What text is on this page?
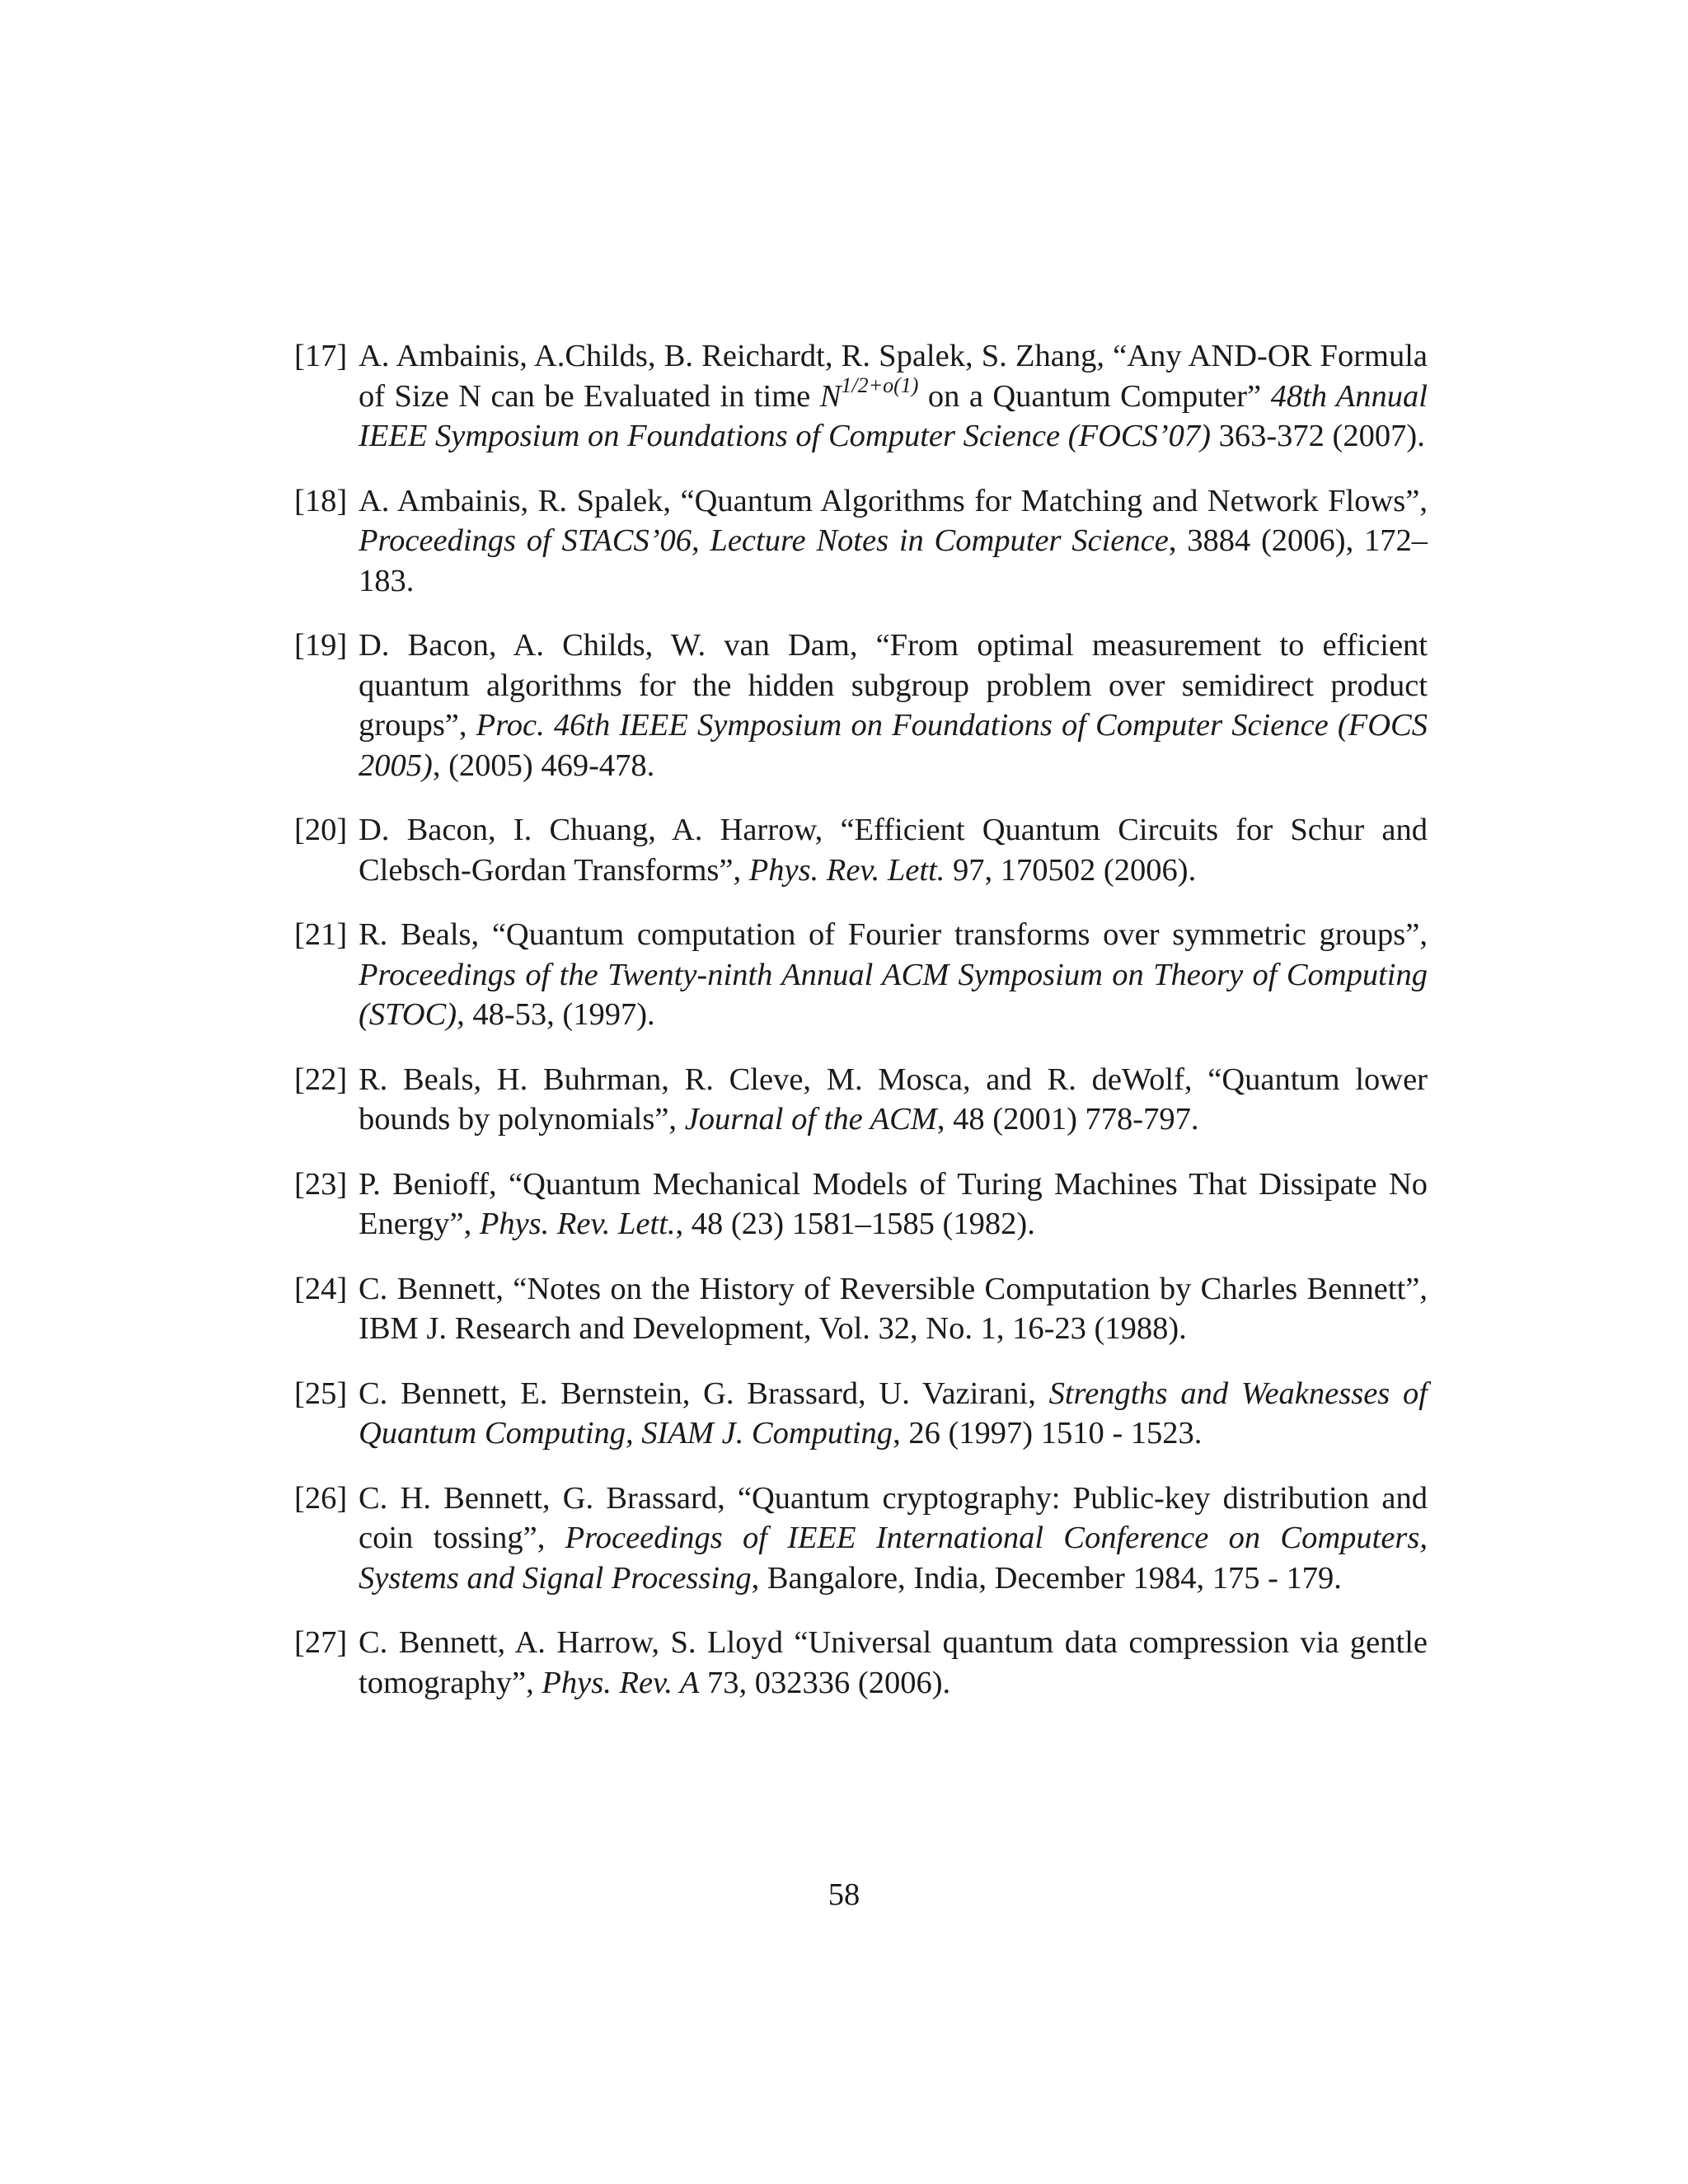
[17] A. Ambainis, A.Childs, B. Reichardt, R. Spalek, S. Zhang, “Any AND-OR Formula of Size N can be Evaluated in time $N^{1/2+o(1)}$ on a Quantum Computer” 48th Annual IEEE Symposium on Foundations of Computer Science (FOCS’07) 363-372 (2007).
[18] A. Ambainis, R. Spalek, “Quantum Algorithms for Matching and Network Flows”, Proceedings of STACS’06, Lecture Notes in Computer Science, 3884 (2006), 172–183.
[19] D. Bacon, A. Childs, W. van Dam, “From optimal measurement to efficient quantum algorithms for the hidden subgroup problem over semidirect product groups”, Proc. 46th IEEE Symposium on Foundations of Computer Science (FOCS 2005), (2005) 469-478.
[20] D. Bacon, I. Chuang, A. Harrow, “Efficient Quantum Circuits for Schur and Clebsch-Gordan Transforms”, Phys. Rev. Lett. 97, 170502 (2006).
[21] R. Beals, “Quantum computation of Fourier transforms over symmetric groups”, Proceedings of the Twenty-ninth Annual ACM Symposium on Theory of Computing (STOC), 48-53, (1997).
[22] R. Beals, H. Buhrman, R. Cleve, M. Mosca, and R. deWolf, “Quantum lower bounds by polynomials”, Journal of the ACM, 48 (2001) 778-797.
[23] P. Benioff, “Quantum Mechanical Models of Turing Machines That Dissipate No Energy”, Phys. Rev. Lett., 48 (23) 1581–1585 (1982).
[24] C. Bennett, “Notes on the History of Reversible Computation by Charles Bennett”, IBM J. Research and Development, Vol. 32, No. 1, 16-23 (1988).
[25] C. Bennett, E. Bernstein, G. Brassard, U. Vazirani, Strengths and Weaknesses of Quantum Computing, SIAM J. Computing, 26 (1997) 1510 - 1523.
[26] C. H. Bennett, G. Brassard, “Quantum cryptography: Public-key distribution and coin tossing”, Proceedings of IEEE International Conference on Computers, Systems and Signal Processing, Bangalore, India, December 1984, 175 - 179.
[27] C. Bennett, A. Harrow, S. Lloyd “Universal quantum data compression via gentle tomography”, Phys. Rev. A 73, 032336 (2006).
58
